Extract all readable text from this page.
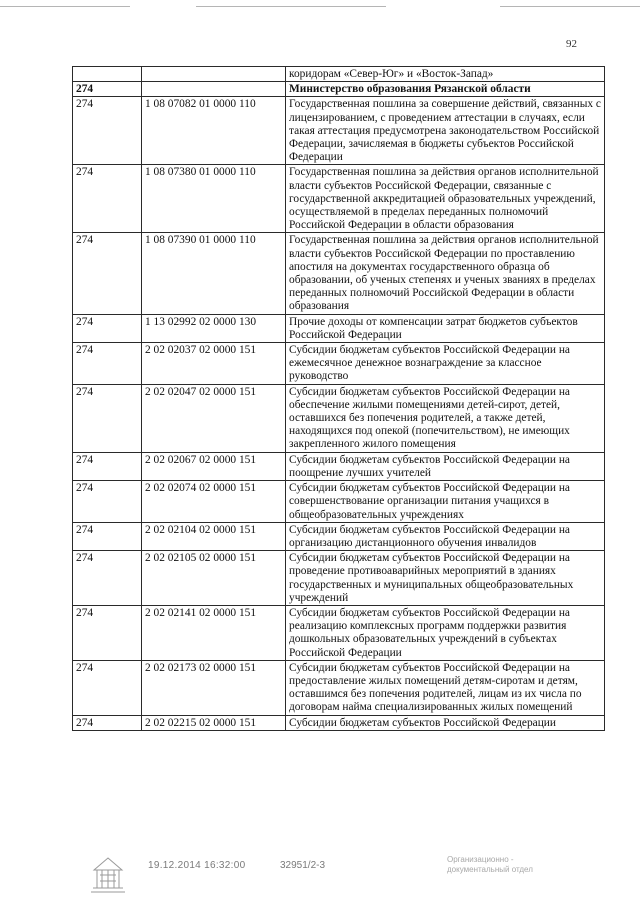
92
		коридорам «Север-Юг» и «Восток-Запад»
274		Министерство образования Рязанской области
274	1 08 07082 01 0000 110	Государственная пошлина за совершение действий, связанных с лицензированием, с проведением аттестации в случаях, если такая аттестация предусмотрена законодательством Российской Федерации, зачисляемая в бюджеты субъектов Российской Федерации
274	1 08 07380 01 0000 110	Государственная пошлина за действия органов исполнительной власти субъектов Российской Федерации, связанные с государственной аккредитацией образовательных учреждений, осуществляемой в пределах переданных полномочий Российской Федерации в области образования
274	1 08 07390 01 0000 110	Государственная пошлина за действия органов исполнительной власти субъектов Российской Федерации по проставлению апостиля на документах государственного образца об образовании, об ученых степенях и ученых званиях в пределах переданных полномочий Российской Федерации в области образования
274	1 13 02992 02 0000 130	Прочие доходы от компенсации затрат бюджетов субъектов Российской Федерации
274	2 02 02037 02 0000 151	Субсидии бюджетам субъектов Российской Федерации на ежемесячное денежное вознаграждение за классное руководство
274	2 02 02047 02 0000 151	Субсидии бюджетам субъектов Российской Федерации на обеспечение жилыми помещениями детей-сирот, детей, оставшихся без попечения родителей, а также детей, находящихся под опекой (попечительством), не имеющих закрепленного жилого помещения
274	2 02 02067 02 0000 151	Субсидии бюджетам субъектов Российской Федерации на поощрение лучших учителей
274	2 02 02074 02 0000 151	Субсидии бюджетам субъектов Российской Федерации на совершенствование организации питания учащихся в общеобразовательных учреждениях
274	2 02 02104 02 0000 151	Субсидии бюджетам субъектов Российской Федерации на организацию дистанционного обучения инвалидов
274	2 02 02105 02 0000 151	Субсидии бюджетам субъектов Российской Федерации на проведение противоаварийных мероприятий в зданиях государственных и муниципальных общеобразовательных учреждений
274	2 02 02141 02 0000 151	Субсидии бюджетам субъектов Российской Федерации на реализацию комплексных программ поддержки развития дошкольных образовательных учреждений в субъектах Российской Федерации
274	2 02 02173 02 0000 151	Субсидии бюджетам субъектов Российской Федерации на предоставление жилых помещений детям-сиротам и детям, оставшимся без попечения родителей, лицам из их числа по договорам найма специализированных жилых помещений
274	2 02 02215 02 0000 151	Субсидии бюджетам субъектов Российской Федерации
19.12.2014 16:32:00	32951/2-3
Организационно -
документальный отдел
